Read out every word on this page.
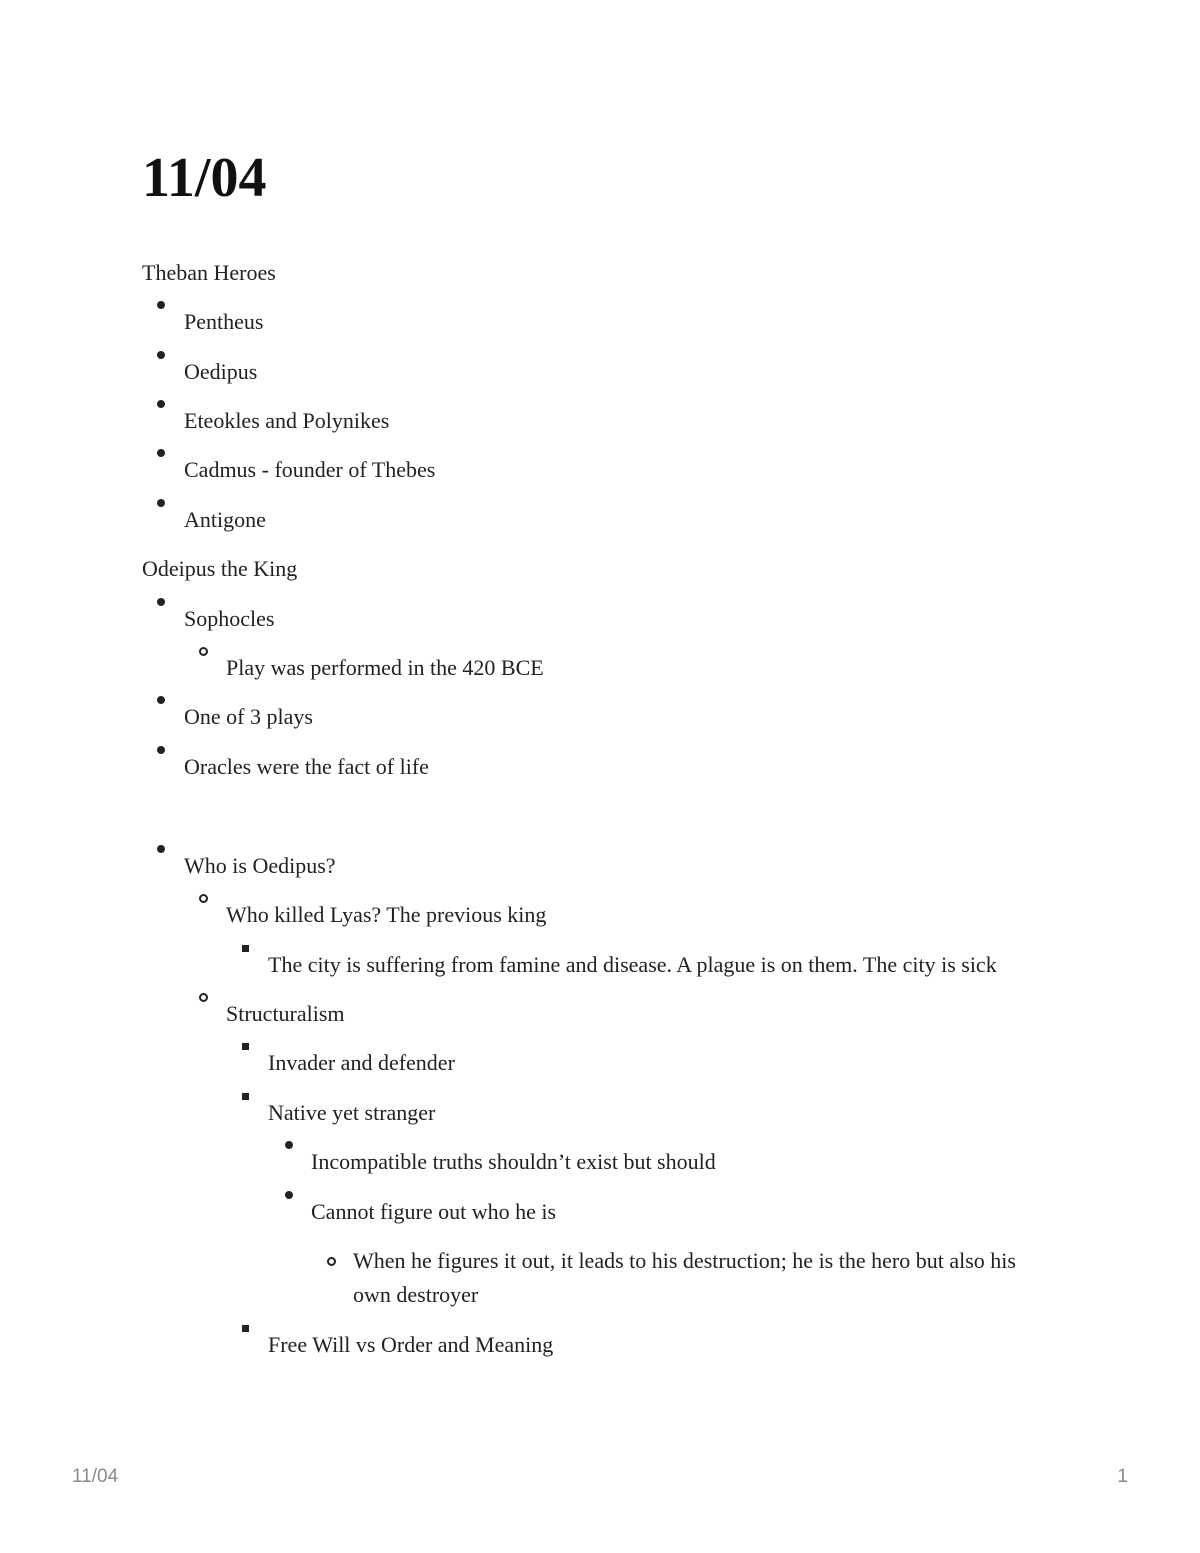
11/04
Theban Heroes
Pentheus
Oedipus
Eteokles and Polynikes
Cadmus - founder of Thebes
Antigone
Odeipus the King
Sophocles
Play was performed in the 420 BCE
One of 3 plays
Oracles were the fact of life
Who is Oedipus?
Who killed Lyas? The previous king
The city is suffering from famine and disease. A plague is on them. The city is sick
Structuralism
Invader and defender
Native yet stranger
Incompatible truths shouldn’t exist but should
Cannot figure out who he is
When he figures it out, it leads to his destruction; he is the hero but also his own destroyer
Free Will vs Order and Meaning
11/04	1
